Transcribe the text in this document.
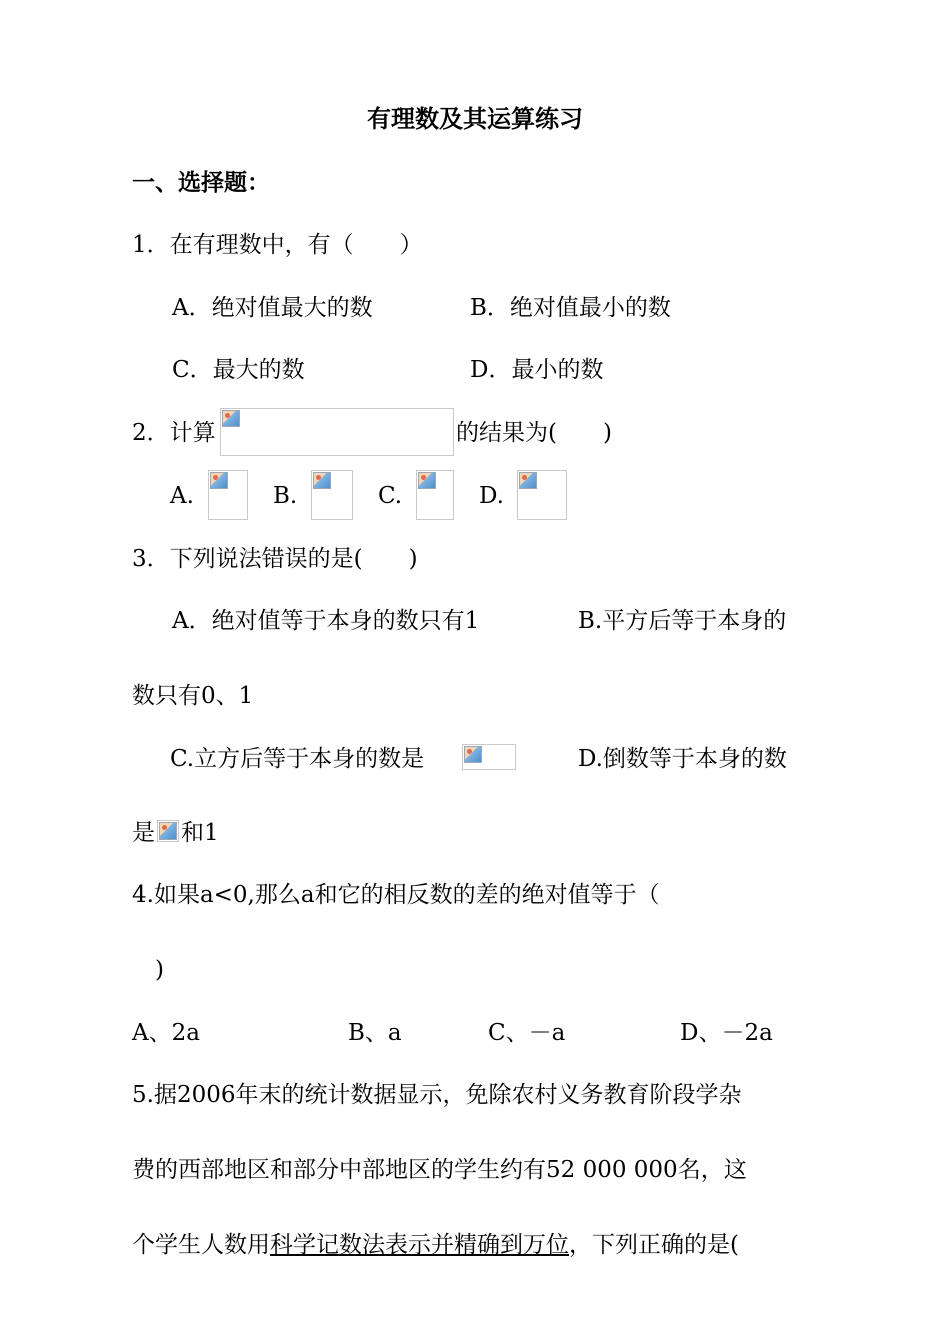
有理数及其运算练习
一、选择题：
1．在有理数中，有（　　）
A．绝对值最大的数	B．绝对值最小的数
C．最大的数	D．最小的数
2．计算	的结果为(　　)
A.	B.	C.	D.
3．下列说法错误的是(　　)
A．绝对值等于本身的数只有1	B.平方后等于本身的
数只有0、1
C.立方后等于本身的数是	D.倒数等于本身的数
是 和1
4.如果a<0,那么a和它的相反数的差的绝对值等于（
　)
A、2a	B、a	C、－a	D、－2a
5.据2006年末的统计数据显示，免除农村义务教育阶段学杂
费的西部地区和部分中部地区的学生约有52 000 000名，这
个学生人数用科学记数法表示并精确到万位，下列正确的是(
